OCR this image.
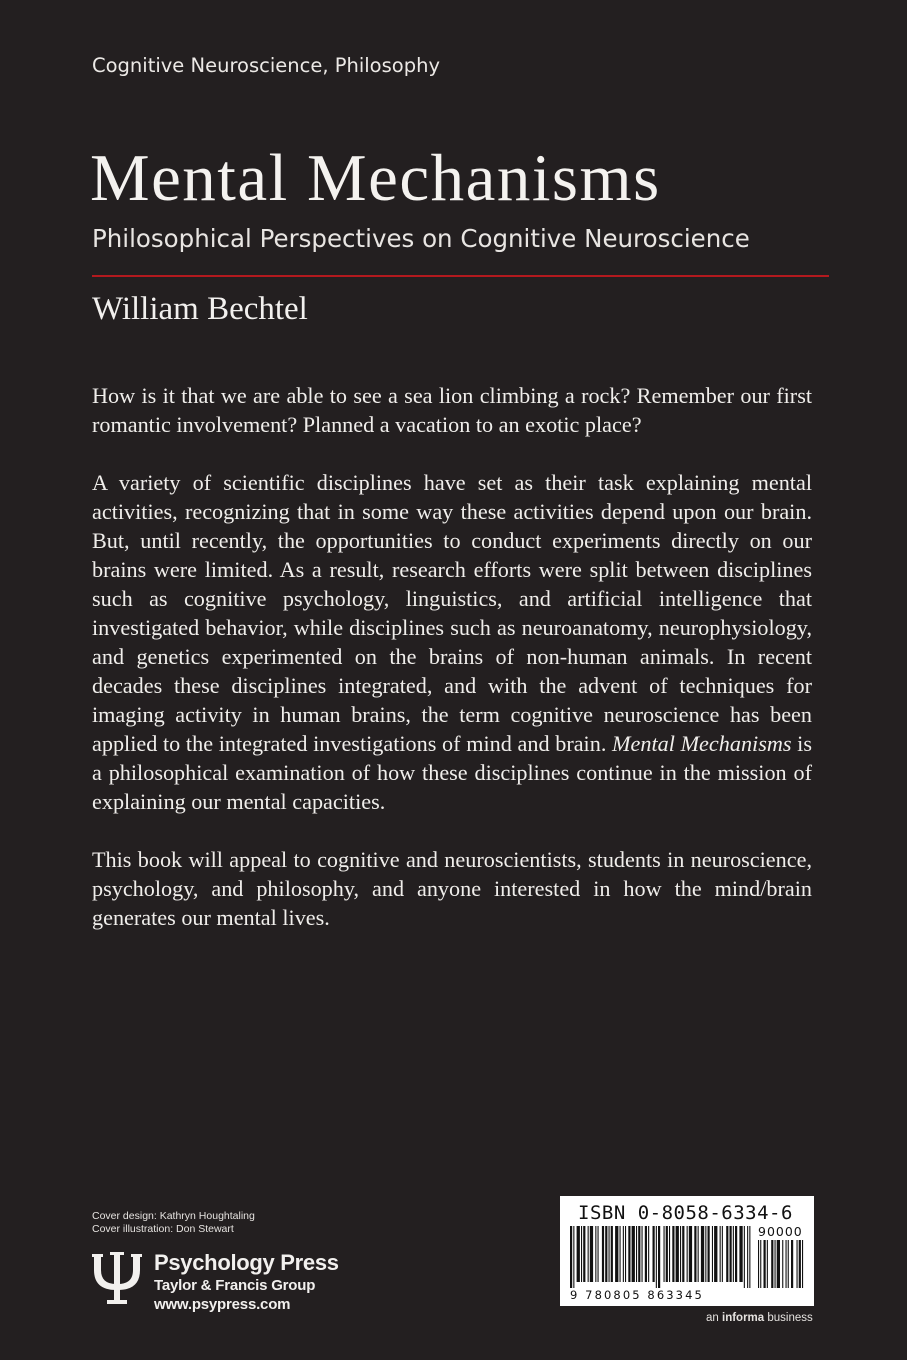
Cognitive Neuroscience, Philosophy
Mental Mechanisms
Philosophical Perspectives on Cognitive Neuroscience
William Bechtel

How is it that we are able to see a sea lion climbing a rock? Remember our first romantic involvement? Planned a vacation to an exotic place?

A variety of scientific disciplines have set as their task explaining mental activities, recognizing that in some way these activities depend upon our brain. But, until recently, the opportunities to conduct experiments directly on our brains were limited. As a result, research efforts were split between disciplines such as cognitive psychology, linguistics, and artificial intelligence that investigated behavior, while disciplines such as neuroanatomy, neurophysiology, and genetics experimented on the brains of non-human animals. In recent decades these disciplines integrated, and with the advent of techniques for imaging activity in human brains, the term cognitive neuroscience has been applied to the integrated investigations of mind and brain. Mental Mechanisms is a philosophical examination of how these disciplines continue in the mission of explaining our mental capacities.

This book will appeal to cognitive and neuroscientists, students in neuroscience, psychology, and philosophy, and anyone interested in how the mind/brain generates our mental lives.

Cover design: Kathryn Houghtaling
Cover illustration: Don Stewart
Psychology Press
Taylor & Francis Group
www.psypress.com
ISBN 0-8058-6334-6
90000
9 780805 863345
an informa business
